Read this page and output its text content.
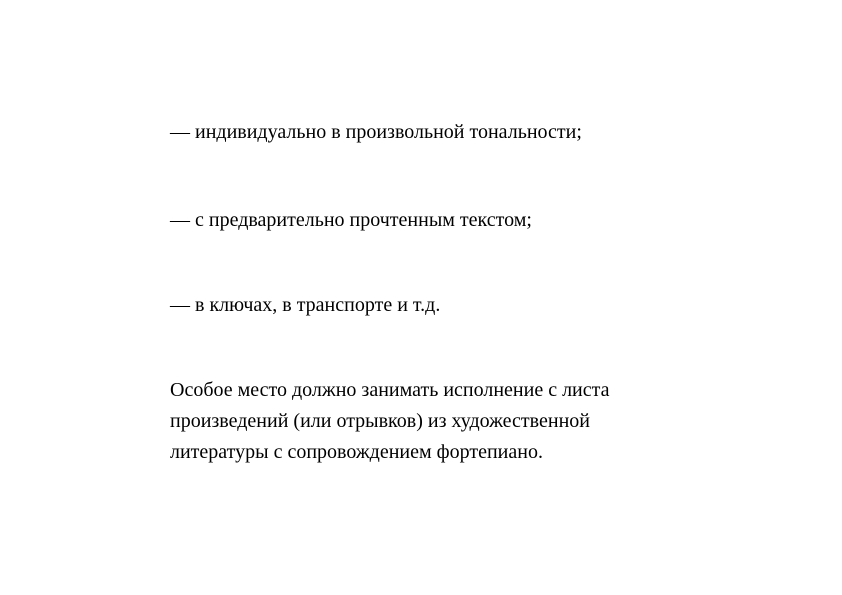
— индивидуально в произвольной тональности;
— с предварительно прочтенным текстом;
— в ключах, в транспорте и т.д.
Особое место должно занимать исполнение с листа
произведений (или отрывков) из художественной
литературы с сопровождением фортепиано.
